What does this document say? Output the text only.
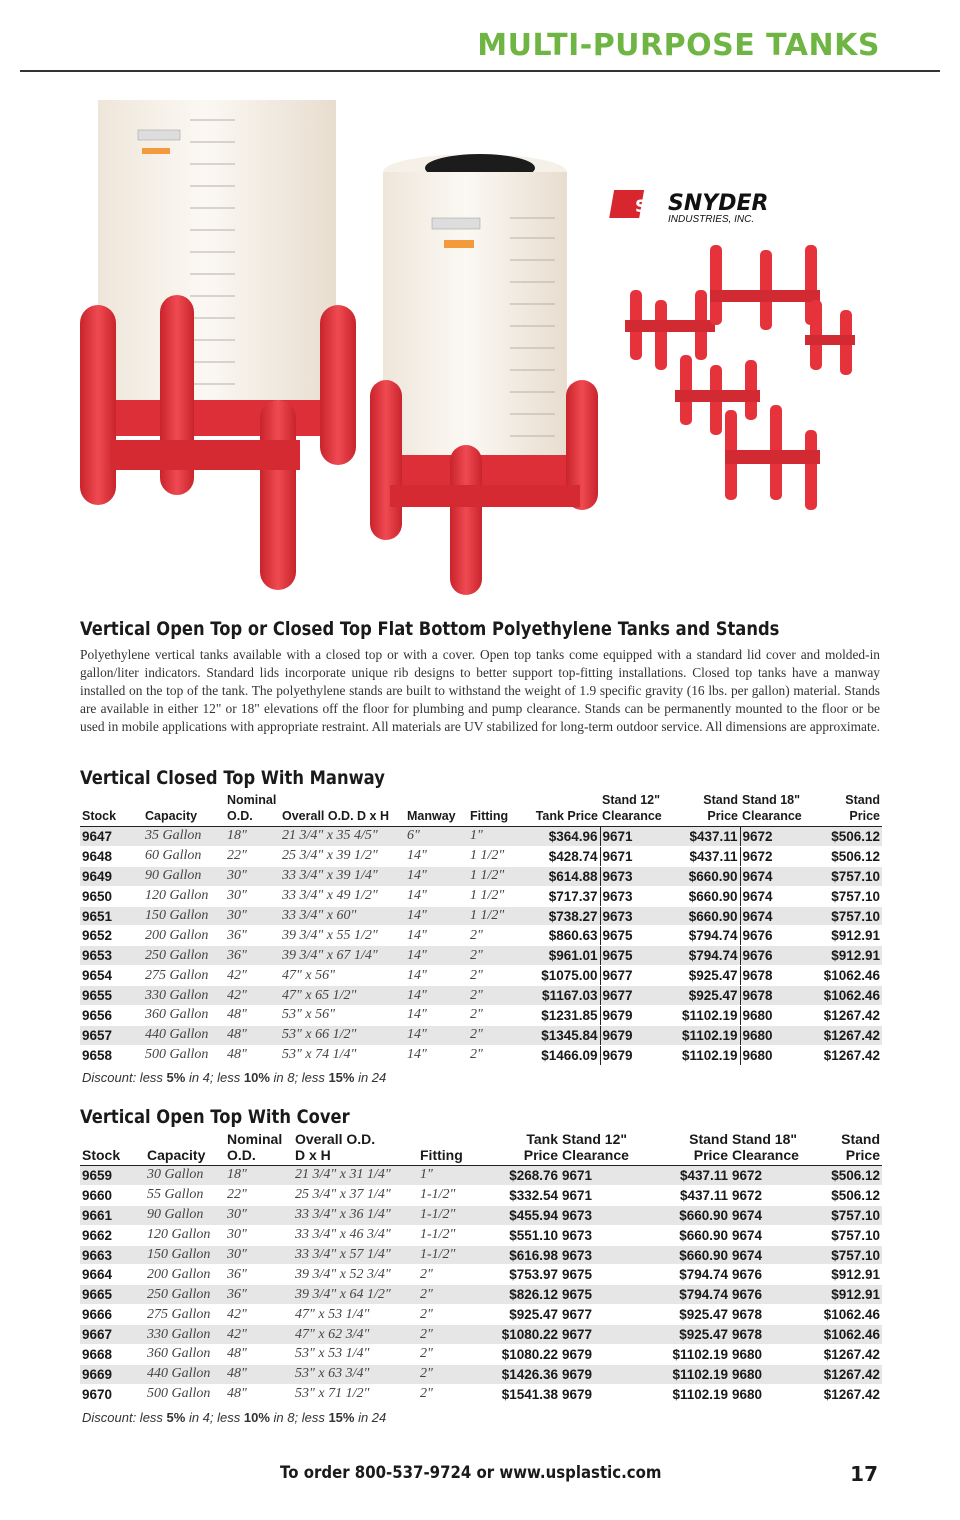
MULTI-PURPOSE TANKS
Sii SNYDER
INDUSTRIES, INC.
Vertical Open Top or Closed Top Flat Bottom Polyethylene Tanks and Stands

Polyethylene vertical tanks available with a closed top or with a cover. Open top tanks come equipped with a standard lid cover and molded-in gallon/liter indicators. Standard lids incorporate unique rib designs to better support top-fitting installations. Closed top tanks have a manway installed on the top of the tank. The polyethylene stands are built to withstand the weight of 1.9 specific gravity (16 lbs. per gallon) material. Stands are available in either 12" or 18" elevations off the floor for plumbing and pump clearance. Stands can be permanently mounted to the floor or be used in mobile applications with appropriate restraint. All materials are UV stabilized for long-term outdoor service. All dimensions are approximate.

Vertical Closed Top With Manway
		Nominal					Stand 12"	Stand	Stand 18"	Stand
Stock	Capacity	O.D.	Overall O.D. D x H	Manway	Fitting	Tank Price	Clearance	Price	Clearance	Price
9647	35 Gallon	18"	21 3/4" x 35 4/5"	6"	1"	$364.96	9671	$437.11	9672	$506.12
9648	60 Gallon	22"	25 3/4" x 39 1/2"	14"	1 1/2"	$428.74	9671	$437.11	9672	$506.12
9649	90 Gallon	30"	33 3/4" x 39 1/4"	14"	1 1/2"	$614.88	9673	$660.90	9674	$757.10
9650	120 Gallon	30"	33 3/4" x 49 1/2"	14"	1 1/2"	$717.37	9673	$660.90	9674	$757.10
9651	150 Gallon	30"	33 3/4" x 60"	14"	1 1/2"	$738.27	9673	$660.90	9674	$757.10
9652	200 Gallon	36"	39 3/4" x 55 1/2"	14"	2"	$860.63	9675	$794.74	9676	$912.91
9653	250 Gallon	36"	39 3/4" x 67 1/4"	14"	2"	$961.01	9675	$794.74	9676	$912.91
9654	275 Gallon	42"	47" x 56"	14"	2"	$1075.00	9677	$925.47	9678	$1062.46
9655	330 Gallon	42"	47" x 65 1/2"	14"	2"	$1167.03	9677	$925.47	9678	$1062.46
9656	360 Gallon	48"	53" x 56"	14"	2"	$1231.85	9679	$1102.19	9680	$1267.42
9657	440 Gallon	48"	53" x 66 1/2"	14"	2"	$1345.84	9679	$1102.19	9680	$1267.42
9658	500 Gallon	48"	53" x 74 1/4"	14"	2"	$1466.09	9679	$1102.19	9680	$1267.42
Discount: less 5% in 4; less 10% in 8; less 15% in 24
Vertical Open Top With Cover
		Nominal	Overall O.D.		Tank	Stand 12"	Stand	Stand 18"	Stand
Stock	Capacity	O.D.	D x H	Fitting	Price	Clearance	Price	Clearance	Price
9659	30 Gallon	18"	21 3/4" x 31 1/4"	1"	$268.76	9671	$437.11	9672	$506.12
9660	55 Gallon	22"	25 3/4" x 37 1/4"	1-1/2"	$332.54	9671	$437.11	9672	$506.12
9661	90 Gallon	30"	33 3/4" x 36 1/4"	1-1/2"	$455.94	9673	$660.90	9674	$757.10
9662	120 Gallon	30"	33 3/4" x 46 3/4"	1-1/2"	$551.10	9673	$660.90	9674	$757.10
9663	150 Gallon	30"	33 3/4" x 57 1/4"	1-1/2"	$616.98	9673	$660.90	9674	$757.10
9664	200 Gallon	36"	39 3/4" x 52 3/4"	2"	$753.97	9675	$794.74	9676	$912.91
9665	250 Gallon	36"	39 3/4" x 64 1/2"	2"	$826.12	9675	$794.74	9676	$912.91
9666	275 Gallon	42"	47" x 53 1/4"	2"	$925.47	9677	$925.47	9678	$1062.46
9667	330 Gallon	42"	47" x 62 3/4"	2"	$1080.22	9677	$925.47	9678	$1062.46
9668	360 Gallon	48"	53" x 53 1/4"	2"	$1080.22	9679	$1102.19	9680	$1267.42
9669	440 Gallon	48"	53" x 63 3/4"	2"	$1426.36	9679	$1102.19	9680	$1267.42
9670	500 Gallon	48"	53" x 71 1/2"	2"	$1541.38	9679	$1102.19	9680	$1267.42
Discount: less 5% in 4; less 10% in 8; less 15% in 24
To order 800-537-9724 or www.usplastic.com	17
